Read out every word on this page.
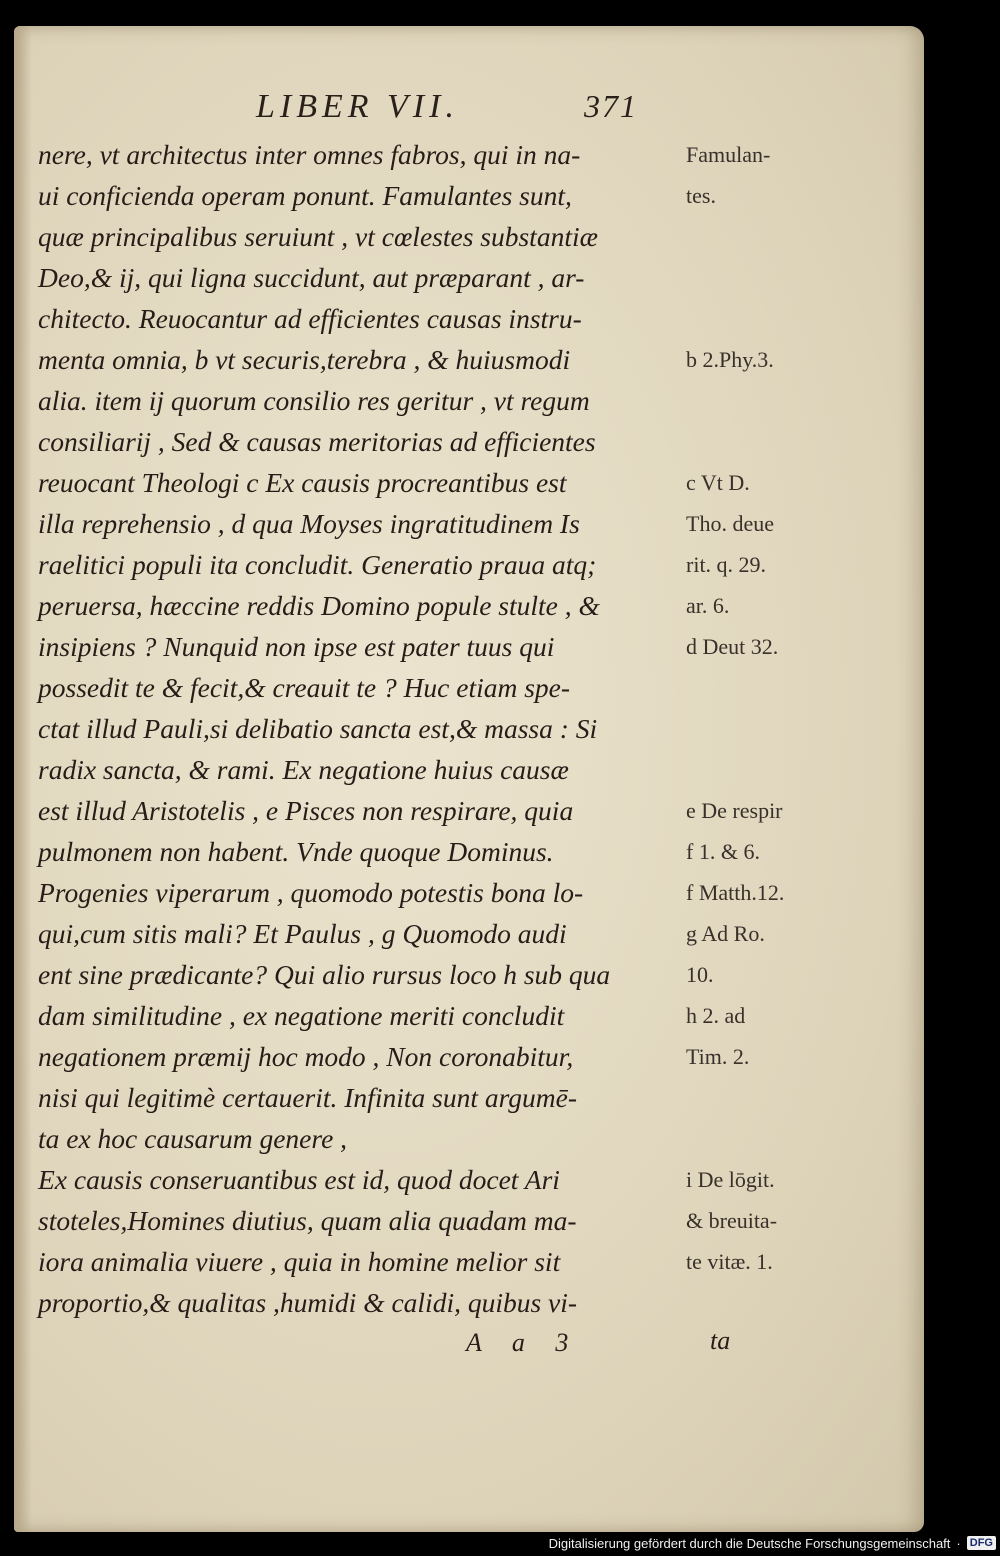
LIBER VII.	371
nere, vt architectus inter omnes fabros, qui in na-
ui conficienda operam ponunt. Famulantes sunt,
quæ principalibus seruiunt , vt cœlestes substantiæ
Deo,& ij, qui ligna succidunt, aut præparant , ar-
chitecto. Reuocantur ad efficientes causas instru-
menta omnia, b vt securis,terebra , & huiusmodi
alia. item ij quorum consilio res geritur , vt regum
consiliarij , Sed & causas meritorias ad efficientes
reuocant Theologi c Ex causis procreantibus est
illa reprehensio , d qua Moyses ingratitudinem Is
raelitici populi ita concludit. Generatio praua atq;
peruersa, hæccine reddis Domino popule stulte , &
insipiens ? Nunquid non ipse est pater tuus qui
possedit te & fecit,& creauit te ? Huc etiam spe-
ctat illud Pauli,si delibatio sancta est,& massa : Si
radix sancta, & rami. Ex negatione huius causæ
est illud Aristotelis , e Pisces non respirare, quia
pulmonem non habent. Vnde quoque Dominus.
Progenies viperarum , quomodo potestis bona lo-
qui,cum sitis mali? Et Paulus , g Quomodo audi
ent sine prædicante? Qui alio rursus loco h sub qua
dam similitudine , ex negatione meriti concludit
negationem præmij hoc modo , Non coronabitur,
nisi qui legitimè certauerit. Infinita sunt argumē-
ta ex hoc causarum genere ,
Ex causis conseruantibus est id, quod docet Ari
stoteles,Homines diutius, quam alia quadam ma-
iora animalia viuere , quia in homine melior sit
proportio,& qualitas ,humidi & calidi, quibus vi-
Famulan-
tes.
b 2.Phy.3.
c Vt D.
Tho. deue
rit. q. 29.
ar. 6.
d Deut 32.
e De respir
f 1. & 6.
f Matth.12.
g Ad Ro.
10.
h 2. ad
Tim. 2.
i De lōgit.
& breuita-
te vitæ. 1.
A a 3	ta
Digitalisierung gefördert durch die Deutsche Forschungsgemeinschaft · DFG
